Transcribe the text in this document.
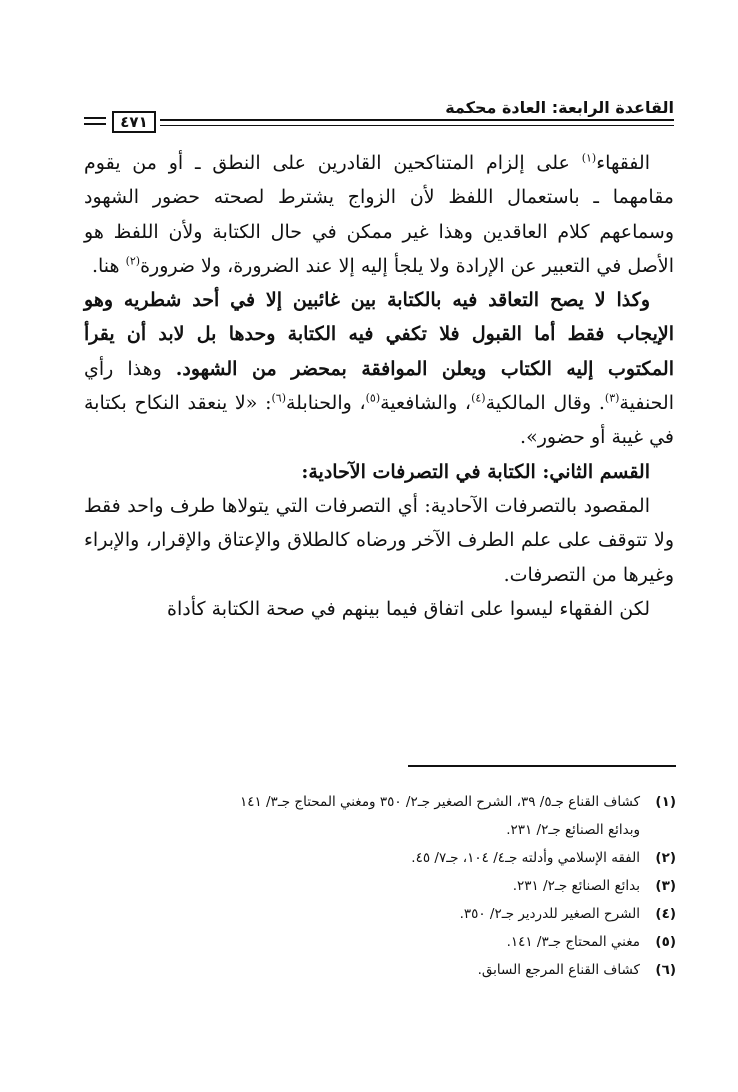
القاعدة الرابعة: العادة محكمة
٤٧١

الفقهاء$^{(١)}$ على إلزام المتناكحين القادرين على النطق ـ أو من يقوم مقامهما ـ باستعمال اللفظ لأن الزواج يشترط لصحته حضور الشهود وسماعهم كلام العاقدين وهذا غير ممكن في حال الكتابة ولأن اللفظ هو الأصل في التعبير عن الإرادة ولا يلجأ إليه إلا عند الضرورة، ولا ضرورة$^{(٢)}$ هنا.

وكذا لا يصح التعاقد فيه بالكتابة بين غائبين إلا في أحد شطريه وهو الإيجاب فقط أما القبول فلا تكفي فيه الكتابة وحدها بل لابد أن يقرأ المكتوب إليه الكتاب ويعلن الموافقة بمحضر من الشهود. وهذا رأي الحنفية$^{(٣)}$. وقال المالكية$^{(٤)}$، والشافعية$^{(٥)}$، والحنابلة$^{(٦)}$: «لا ينعقد النكاح بكتابة في غيبة أو حضور».

القسم الثاني: الكتابة في التصرفات الآحادية:

المقصود بالتصرفات الآحادية: أي التصرفات التي يتولاها طرف واحد فقط ولا تتوقف على علم الطرف الآخر ورضاه كالطلاق والإعتاق والإقرار، والإبراء وغيرها من التصرفات.

لكن الفقهاء ليسوا على اتفاق فيما بينهم في صحة الكتابة كأداة

(١)
كشاف القناع جـ٥/ ٣٩، الشرح الصغير جـ٢/ ٣٥٠ ومغني المحتاج جـ٣/ ١٤١
وبدائع الصنائع جـ٢/ ٢٣١.
(٢)
الفقه الإسلامي وأدلته جـ٤/ ١٠٤، جـ٧/ ٤٥.
(٣)
بدائع الصنائع جـ٢/ ٢٣١.
(٤)
الشرح الصغير للدردير جـ٢/ ٣٥٠.
(٥)
مغني المحتاج جـ٣/ ١٤١.
(٦)
كشاف القناع المرجع السابق.
